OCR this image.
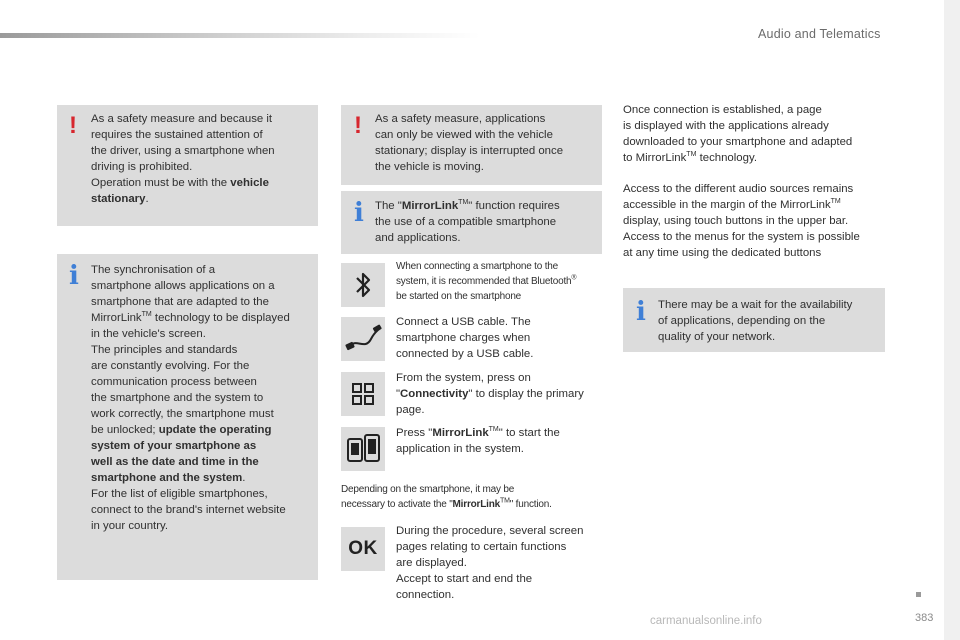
Audio and Telematics
! As a safety measure and because it
requires the sustained attention of
the driver, using a smartphone when
driving is prohibited.
Operation must be with the vehicle
stationary.
i The synchronisation of a
smartphone allows applications on a
smartphone that are adapted to the
MirrorLink™ technology to be displayed
in the vehicle's screen.
The principles and standards
are constantly evolving. For the
communication process between
the smartphone and the system to
work correctly, the smartphone must
be unlocked; update the operating
system of your smartphone as
well as the date and time in the
smartphone and the system.
For the list of eligible smartphones,
connect to the brand's internet website
in your country.
! As a safety measure, applications
can only be viewed with the vehicle
stationary; display is interrupted once
the vehicle is moving.
i The "MirrorLink™" function requires
the use of a compatible smartphone
and applications.
When connecting a smartphone to the
system, it is recommended that Bluetooth®
be started on the smartphone
Connect a USB cable. The
smartphone charges when
connected by a USB cable.
From the system, press on
"Connectivity" to display the primary
page.
Press "MirrorLink™" to start the
application in the system.
Depending on the smartphone, it may be
necessary to activate the "MirrorLink™" function.
OK
During the procedure, several screen
pages relating to certain functions
are displayed.
Accept to start and end the
connection.
Once connection is established, a page
is displayed with the applications already
downloaded to your smartphone and adapted
to MirrorLink™ technology.
Access to the different audio sources remains
accessible in the margin of the MirrorLink™
display, using touch buttons in the upper bar.
Access to the menus for the system is possible
at any time using the dedicated buttons
i There may be a wait for the availability
of applications, depending on the
quality of your network.
carmanualsonline.info	383
